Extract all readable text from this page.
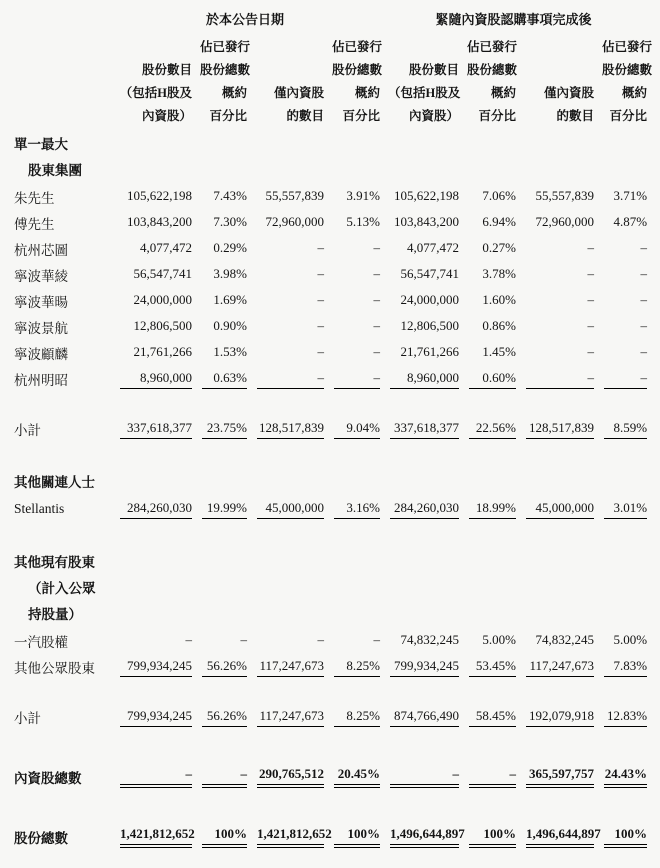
	於本公告日期				緊隨內資股認購事項完成後			

	股份數目
（包括H股及
內資股）	佔已發行
股份總數
概約
百分比	僅內資股
的數目	佔已發行
股份總數
概約
百分比	股份數目
（包括H股及
內資股）	佔已發行
股份總數
概約
百分比	僅內資股
的數目	佔已發行
股份總數
概約
百分比

單一最大
股東集團								

朱先生	105,622,198	7.43%	55,557,839	3.91%	105,622,198	7.06%	55,557,839	3.71%

傅先生	103,843,200	7.30%	72,960,000	5.13%	103,843,200	6.94%	72,960,000	4.87%

杭州芯圖	4,077,472	0.29%	–	–	4,077,472	0.27%	–	–

寧波華綾	56,547,741	3.98%	–	–	56,547,741	3.78%	–	–

寧波華暘	24,000,000	1.69%	–	–	24,000,000	1.60%	–	–

寧波景航	12,806,500	0.90%	–	–	12,806,500	0.86%	–	–

寧波顧麟	21,761,266	1.53%	–	–	21,761,266	1.45%	–	–

杭州明昭	8,960,000	0.63%	–	–	8,960,000	0.60%	–	–

小計	337,618,377	23.75%	128,517,839	9.04%	337,618,377	22.56%	128,517,839	8.59%

其他關連人士								

Stellantis	284,260,030	19.99%	45,000,000	3.16%	284,260,030	18.99%	45,000,000	3.01%

其他現有股東
（計入公眾
持股量）								

一汽股權	–	–	–	–	74,832,245	5.00%	74,832,245	5.00%

其他公眾股東	799,934,245	56.26%	117,247,673	8.25%	799,934,245	53.45%	117,247,673	7.83%

小計	799,934,245	56.26%	117,247,673	8.25%	874,766,490	58.45%	192,079,918	12.83%

內資股總數	–	–	290,765,512	20.45%	–	–	365,597,757	24.43%

股份總數	1,421,812,652	100%	1,421,812,652	100%	1,496,644,897	100%	1,496,644,897	100%
